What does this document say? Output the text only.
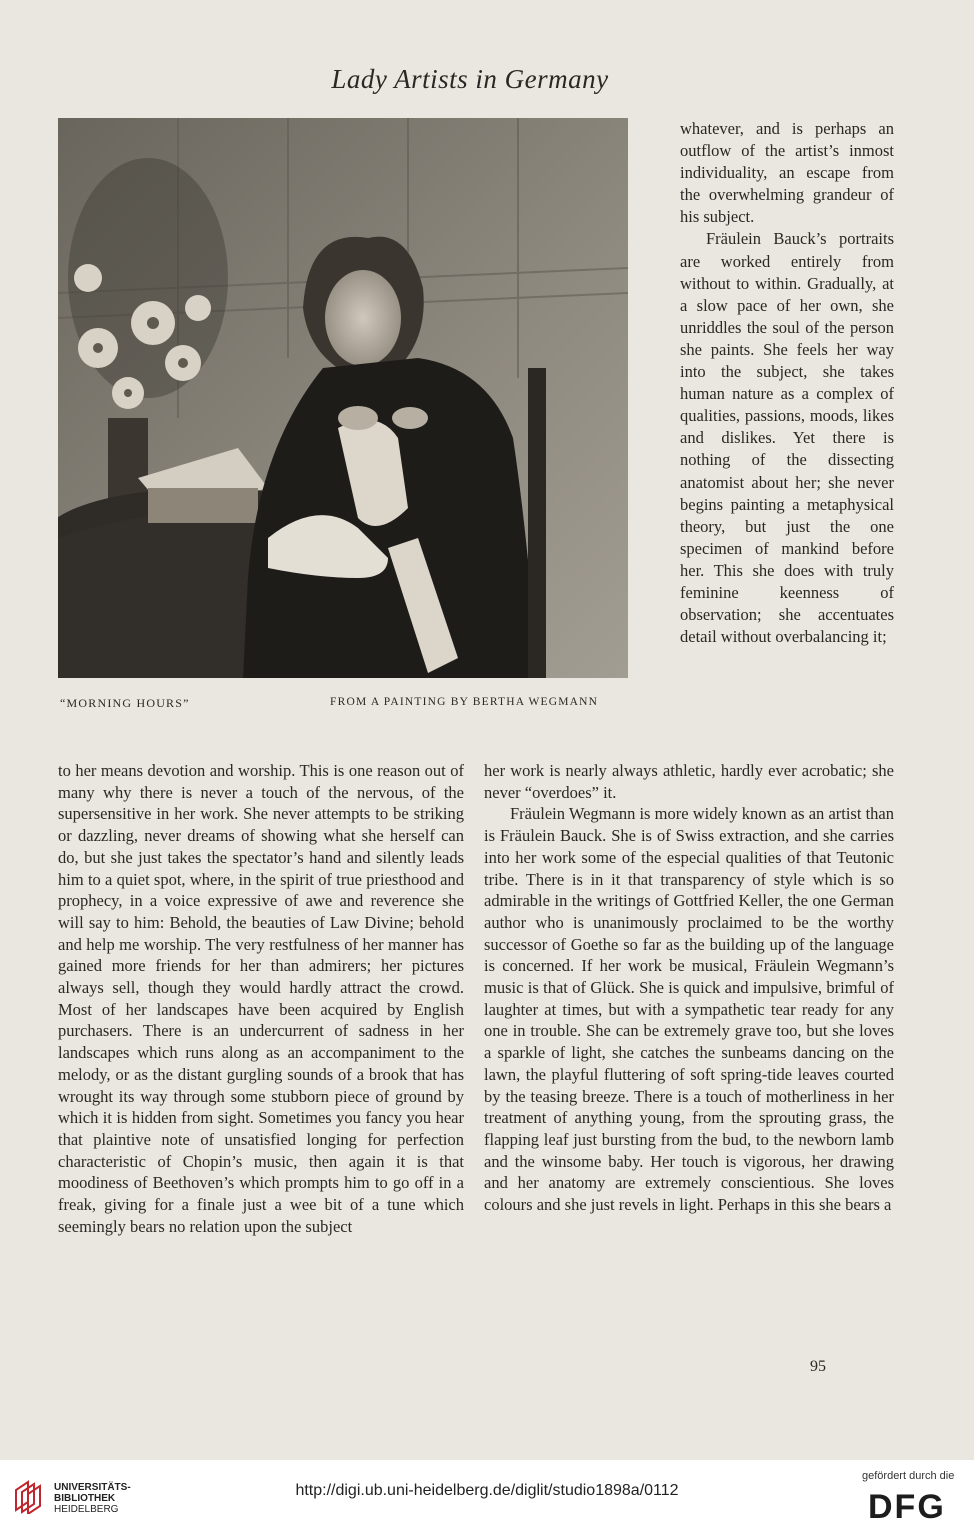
Lady Artists in Germany
“MORNING HOURS”	FROM A PAINTING BY BERTHA WEGMANN

whatever, and is perhaps an outflow of the artist’s inmost individuality, an escape from the overwhelming grandeur of his subject.

Fräulein Bauck’s portraits are worked entirely from without to within. Gradually, at a slow pace of her own, she unriddles the soul of the person she paints. She feels her way into the subject, she takes human nature as a complex of qualities, passions, moods, likes and dislikes. Yet there is nothing of the dissecting anatomist about her; she never begins painting a metaphysical theory, but just the one specimen of mankind before her. This she does with truly feminine keenness of observation; she accentuates detail without overbalancing it;

to her means devotion and worship. This is one reason out of many why there is never a touch of the nervous, of the supersensitive in her work. She never attempts to be striking or dazzling, never dreams of showing what she herself can do, but she just takes the spectator’s hand and silently leads him to a quiet spot, where, in the spirit of true priesthood and prophecy, in a voice expressive of awe and reverence she will say to him: Behold, the beauties of Law Divine; behold and help me worship. The very restfulness of her manner has gained more friends for her than admirers; her pictures always sell, though they would hardly attract the crowd. Most of her landscapes have been acquired by English purchasers. There is an undercurrent of sadness in her landscapes which runs along as an accompaniment to the melody, or as the distant gurgling sounds of a brook that has wrought its way through some stubborn piece of ground by which it is hidden from sight. Sometimes you fancy you hear that plaintive note of unsatisfied longing for perfection characteristic of Chopin’s music, then again it is that moodiness of Beethoven’s which prompts him to go off in a freak, giving for a finale just a wee bit of a tune which seemingly bears no relation upon the subject

her work is nearly always athletic, hardly ever acrobatic; she never “overdoes” it.

Fräulein Wegmann is more widely known as an artist than is Fräulein Bauck. She is of Swiss extraction, and she carries into her work some of the especial qualities of that Teutonic tribe. There is in it that transparency of style which is so admirable in the writings of Gottfried Keller, the one German author who is unanimously proclaimed to be the worthy successor of Goethe so far as the building up of the language is concerned. If her work be musical, Fräulein Wegmann’s music is that of Glück. She is quick and impulsive, brimful of laughter at times, but with a sympathetic tear ready for any one in trouble. She can be extremely grave too, but she loves a sparkle of light, she catches the sunbeams dancing on the lawn, the playful fluttering of soft spring-tide leaves courted by the teasing breeze. There is a touch of motherliness in her treatment of anything young, from the sprouting grass, the flapping leaf just bursting from the bud, to the newborn lamb and the winsome baby. Her touch is vigorous, her drawing and her anatomy are extremely conscientious. She loves colours and she just revels in light. Perhaps in this she bears a

95
UNIVERSITÄTS-
BIBLIOTHEK
HEIDELBERG
http://digi.ub.uni-heidelberg.de/diglit/studio1898a/0112
gefördert durch die
DFG
